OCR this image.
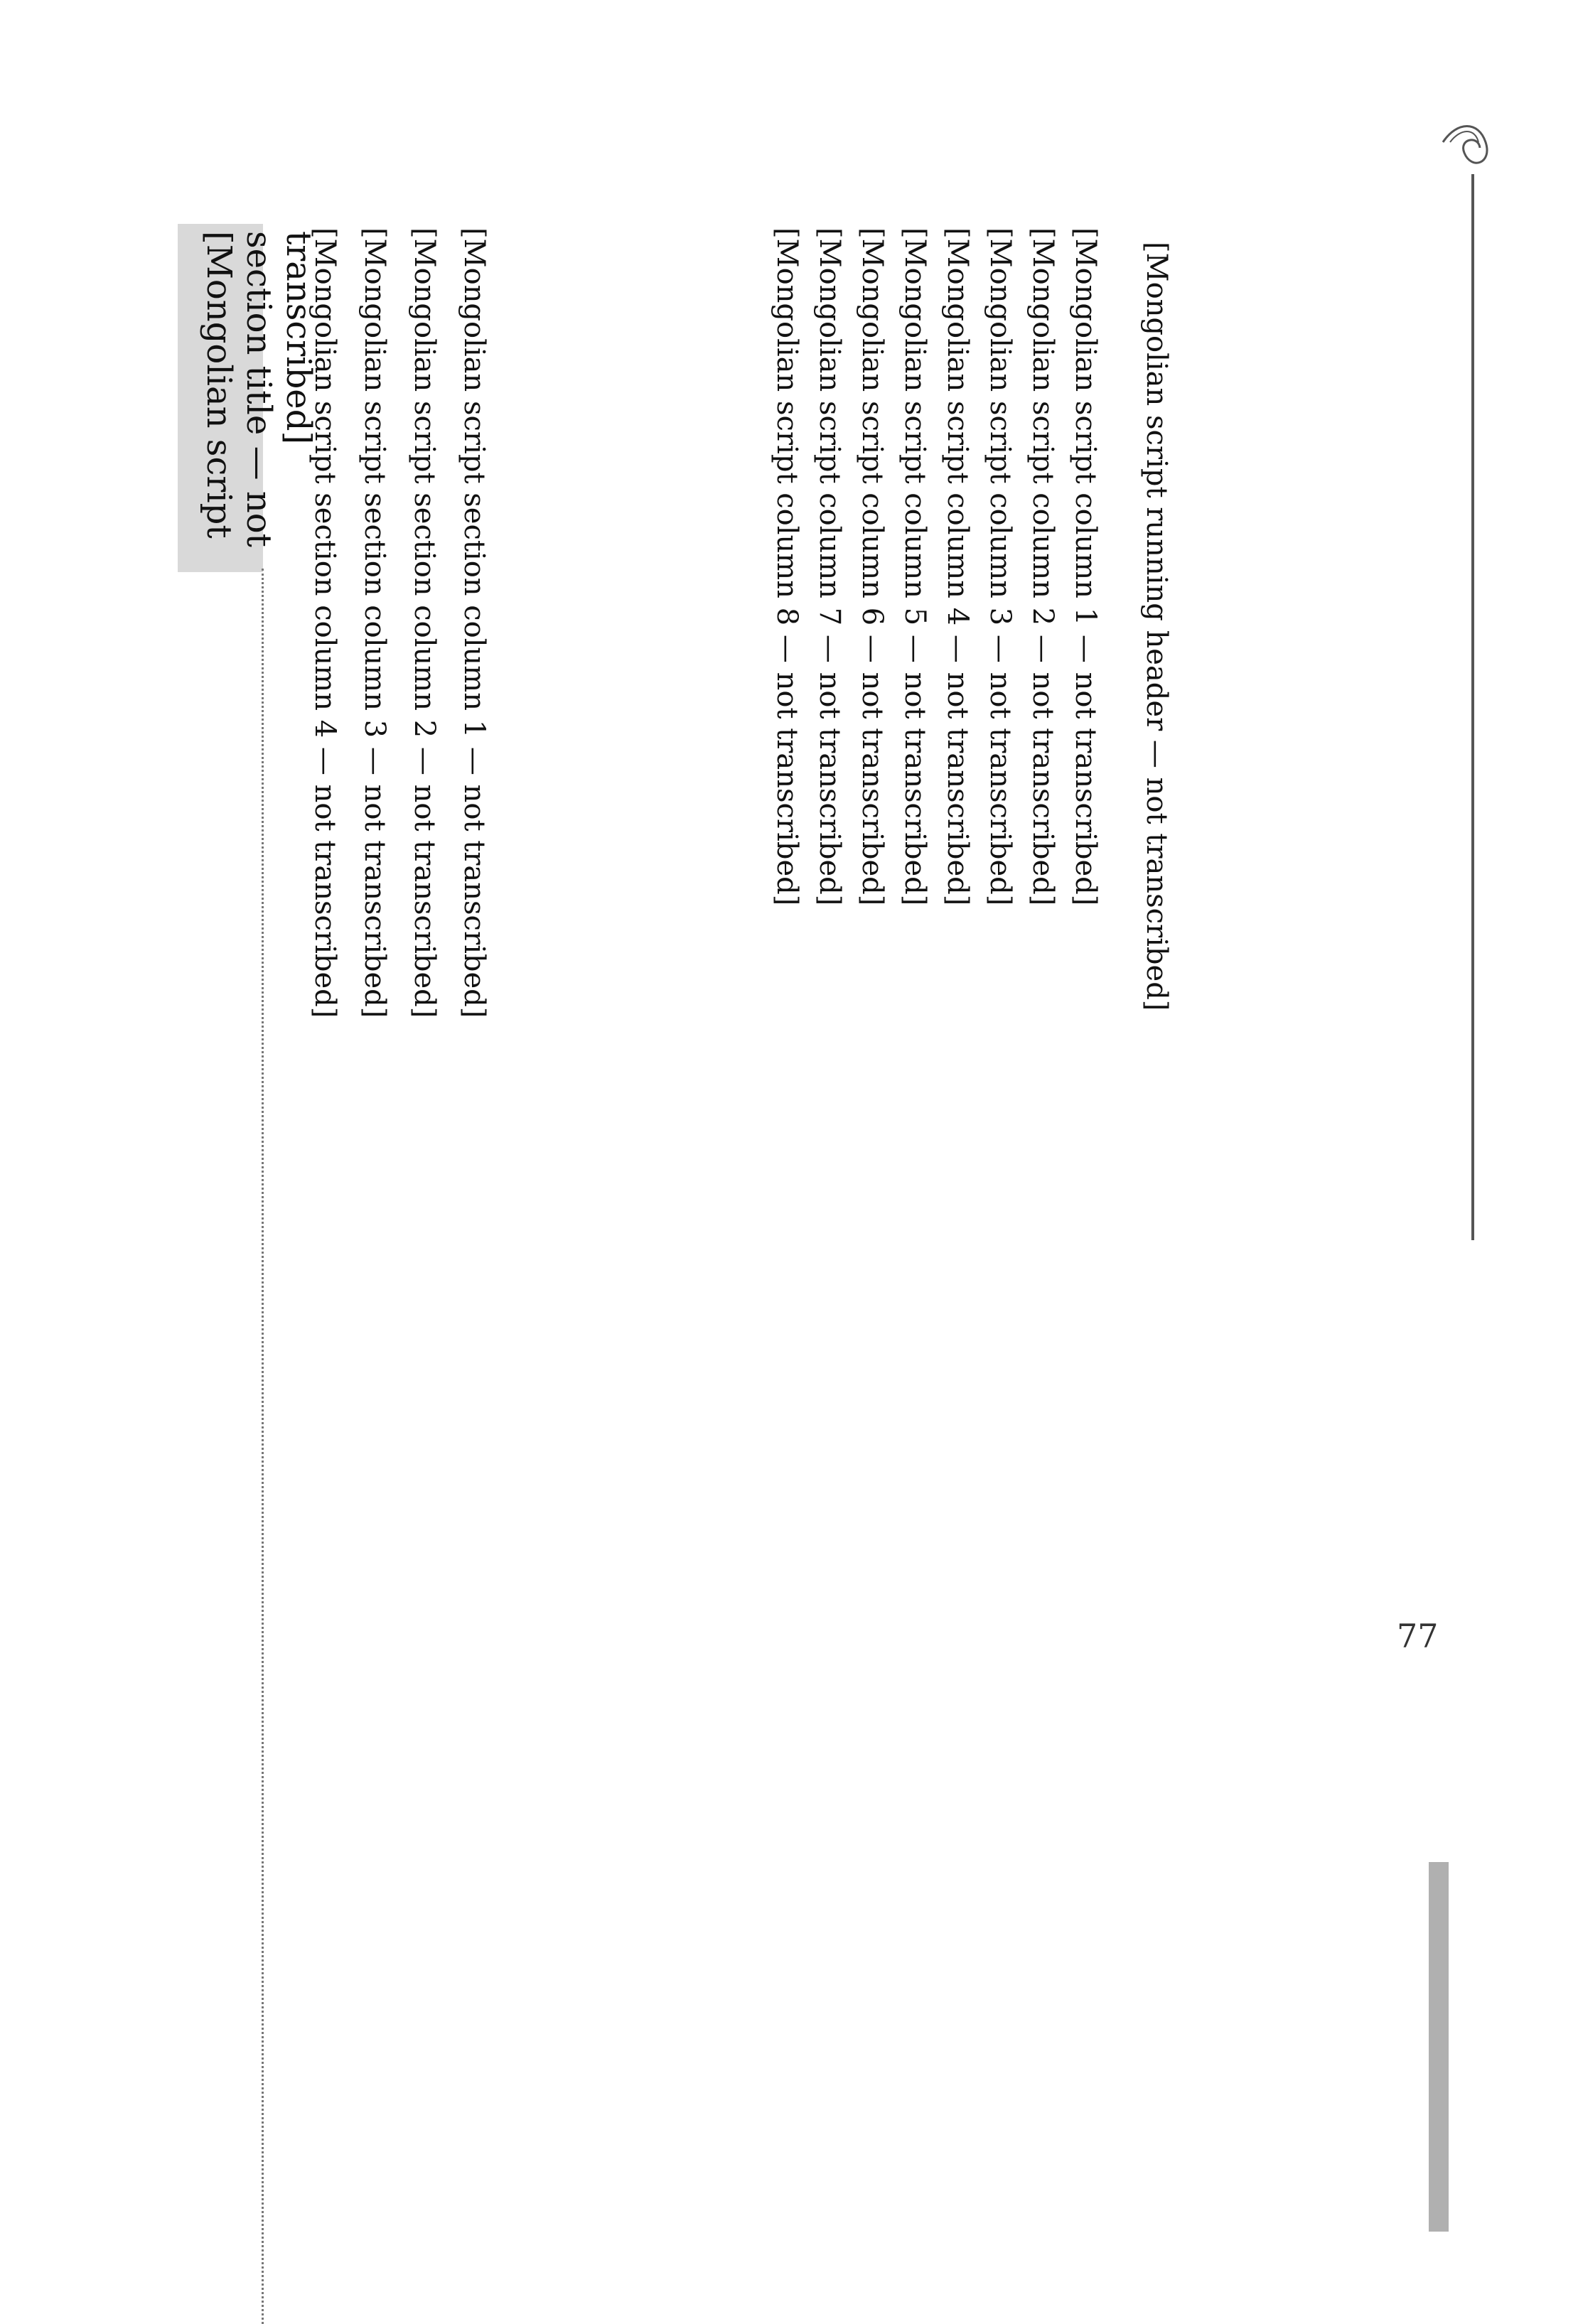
[Mongolian script running header — not transcribed]
[Mongolian script column 1 — not transcribed]
[Mongolian script column 2 — not transcribed]
[Mongolian script column 3 — not transcribed]
[Mongolian script column 4 — not transcribed]
[Mongolian script column 5 — not transcribed]
[Mongolian script column 6 — not transcribed]
[Mongolian script column 7 — not transcribed]
[Mongolian script column 8 — not transcribed]
[Mongolian script section title — not transcribed]	[Mongolian script section column 1 — not transcribed]
[Mongolian script section column 2 — not transcribed]
[Mongolian script section column 3 — not transcribed]
[Mongolian script section column 4 — not transcribed]
77
